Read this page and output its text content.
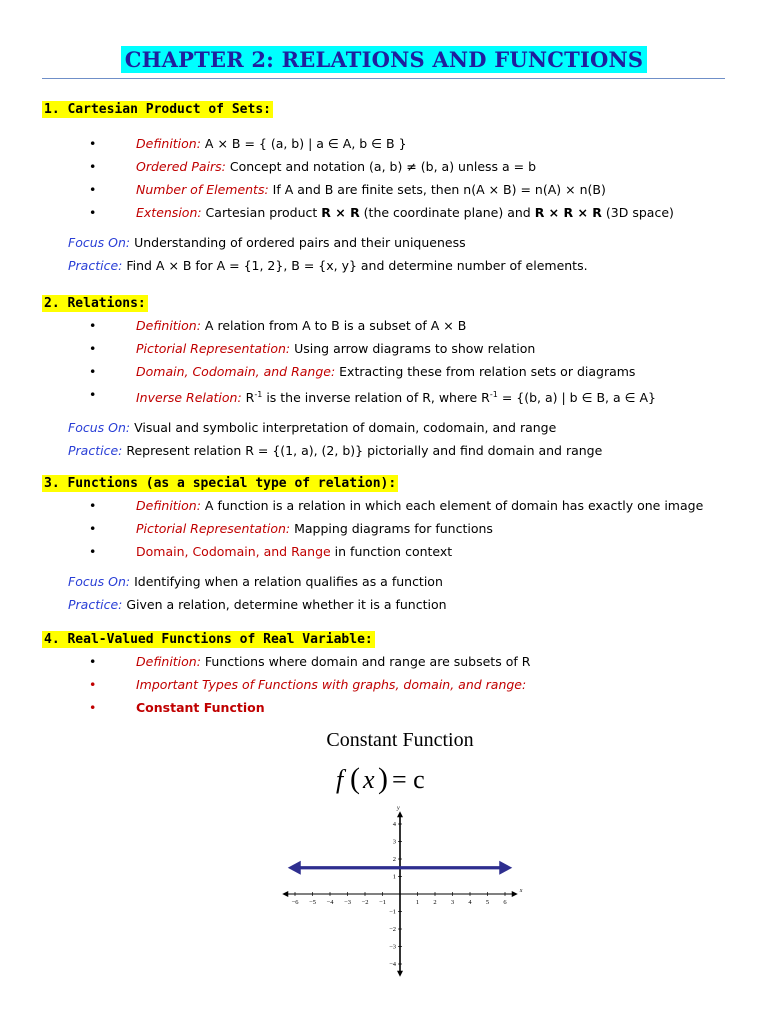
CHAPTER 2: RELATIONS AND FUNCTIONS
1. Cartesian Product of Sets:
•	Definition: A × B = { (a, b) | a ∈ A, b ∈ B }
•	Ordered Pairs: Concept and notation (a, b) ≠ (b, a) unless a = b
•	Number of Elements: If A and B are finite sets, then n(A × B) = n(A) × n(B)
•	Extension: Cartesian product R × R (the coordinate plane) and R × R × R (3D space)
Focus On: Understanding of ordered pairs and their uniqueness
Practice: Find A × B for A = {1, 2}, B = {x, y} and determine number of elements.
2. Relations:
•	Definition: A relation from A to B is a subset of A × B
•	Pictorial Representation: Using arrow diagrams to show relation
•	Domain, Codomain, and Range: Extracting these from relation sets or diagrams
•	Inverse Relation: $R^{-1}$ is the inverse relation of R, where $R^{-1} = \{(b$, a) | b ∈ B, a ∈ A}
Focus On: Visual and symbolic interpretation of domain, codomain, and range
Practice: Represent relation R = {(1, a), (2, b)} pictorially and find domain and range
3. Functions (as a special type of relation):
•	Definition: A function is a relation in which each element of domain has exactly one image
•	Pictorial Representation: Mapping diagrams for functions
•	Domain, Codomain, and Range in function context
Focus On: Identifying when a relation qualifies as a function
Practice: Given a relation, determine whether it is a function
4. Real-Valued Functions of Real Variable:
•	Definition: Functions where domain and range are subsets of R
•	Important Types of Functions with graphs, domain, and range:
•	Constant Function
Constant Function
f ( x ) = c
x
y
−6 −5 −4 −3 −2 −1	1 2 3 4 5 6
−4
−3
−2
−1
1
2
3
4
